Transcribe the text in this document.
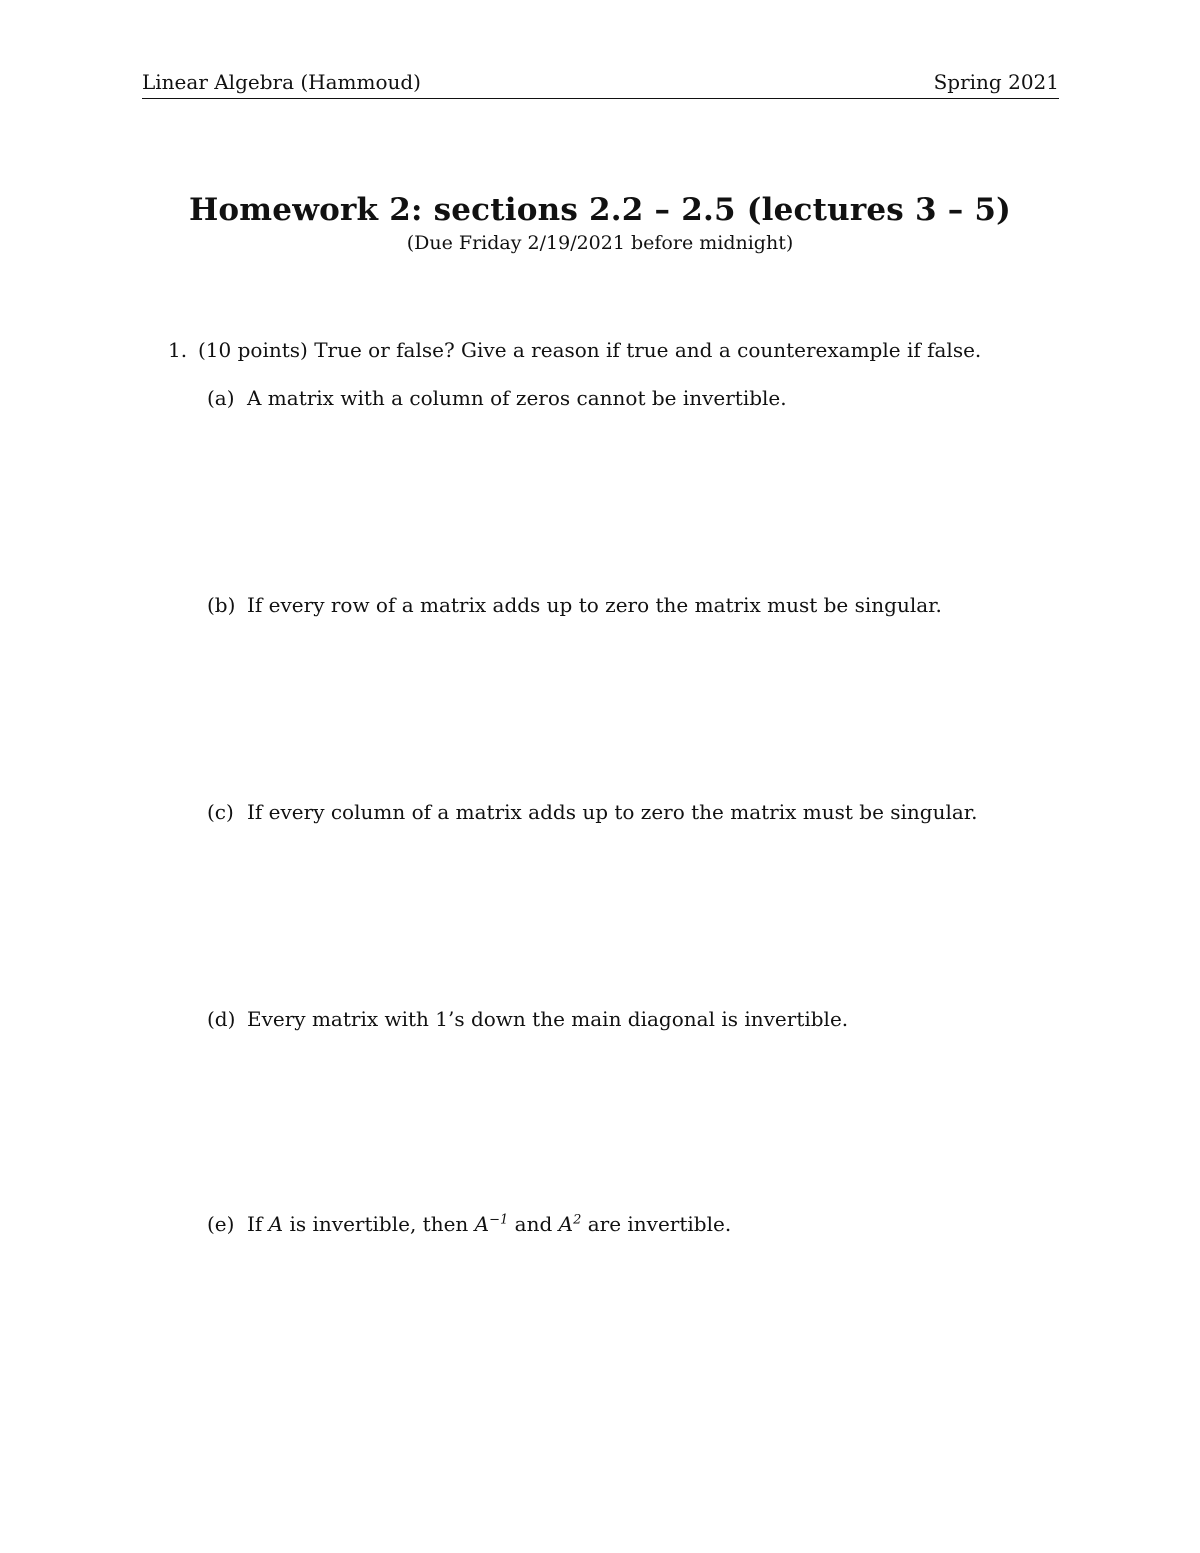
Linear Algebra (Hammoud)	Spring 2021
Homework 2: sections 2.2 – 2.5 (lectures 3 – 5)
(Due Friday 2/19/2021 before midnight)
1. (10 points) True or false? Give a reason if true and a counterexample if false.
(a) A matrix with a column of zeros cannot be invertible.
(b) If every row of a matrix adds up to zero the matrix must be singular.
(c) If every column of a matrix adds up to zero the matrix must be singular.
(d) Every matrix with 1’s down the main diagonal is invertible.
(e) If A is invertible, then $A^{-1}$ and $A^2$ are invertible.
